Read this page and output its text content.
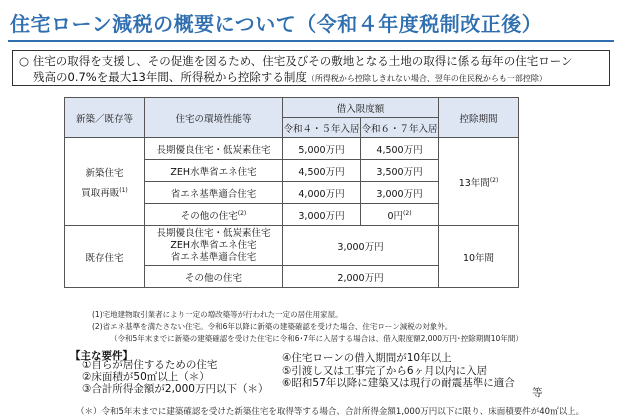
住宅ローン減税の概要について（令和４年度税制改正後）
○ 住宅の取得を支援し、その促進を図るため、住宅及びその敷地となる土地の取得に係る毎年の住宅ローン
残高の0.7%を最大13年間、所得税から控除する制度（所得税から控除しきれない場合、翌年の住民税からも一部控除）
新築／既存等	住宅の環境性能等	借入限度額		控除期間
		令和４・５年入居	令和６・７年入居	

新築住宅
買取再販$^{(1)}$	長期優良住宅・低炭素住宅	5,000万円	4,500万円	13年間$^{(2)}$
	ZEH水準省エネ住宅	4,500万円	3,500万円	
	省エネ基準適合住宅	4,000万円	3,000万円	
	その他の住宅$^{(2)}$	3,000万円	0円$^{(2)}$
既存住宅	長期優良住宅・低炭素住宅
ZEH水準省エネ住宅
省エネ基準適合住宅	3,000万円		10年間
	その他の住宅	2,000万円		
(1)宅地建物取引業者により一定の増改築等が行われた一定の居住用家屋。
(2)省エネ基準を満たさない住宅。令和6年以降に新築の建築確認を受けた場合、住宅ローン減税の対象外。
（令和5年末までに新築の建築確認を受けた住宅に令和6･7年に入居する場合は、借入限度額2,000万円･控除期間10年間）
【主な要件】
①自らが居住するための住宅
②床面積が50㎡以上（＊）
③合計所得金額が2,000万円以下（＊）
④住宅ローンの借入期間が10年以上
⑤引渡し又は工事完了から6ヶ月以内に入居
⑥昭和57年以降に建築又は現行の耐震基準に適合
等
（＊）令和5年末までに建築確認を受けた新築住宅を取得等する場合、合計所得金額1,000万円以下に限り、床面積要件が40㎡以上。
